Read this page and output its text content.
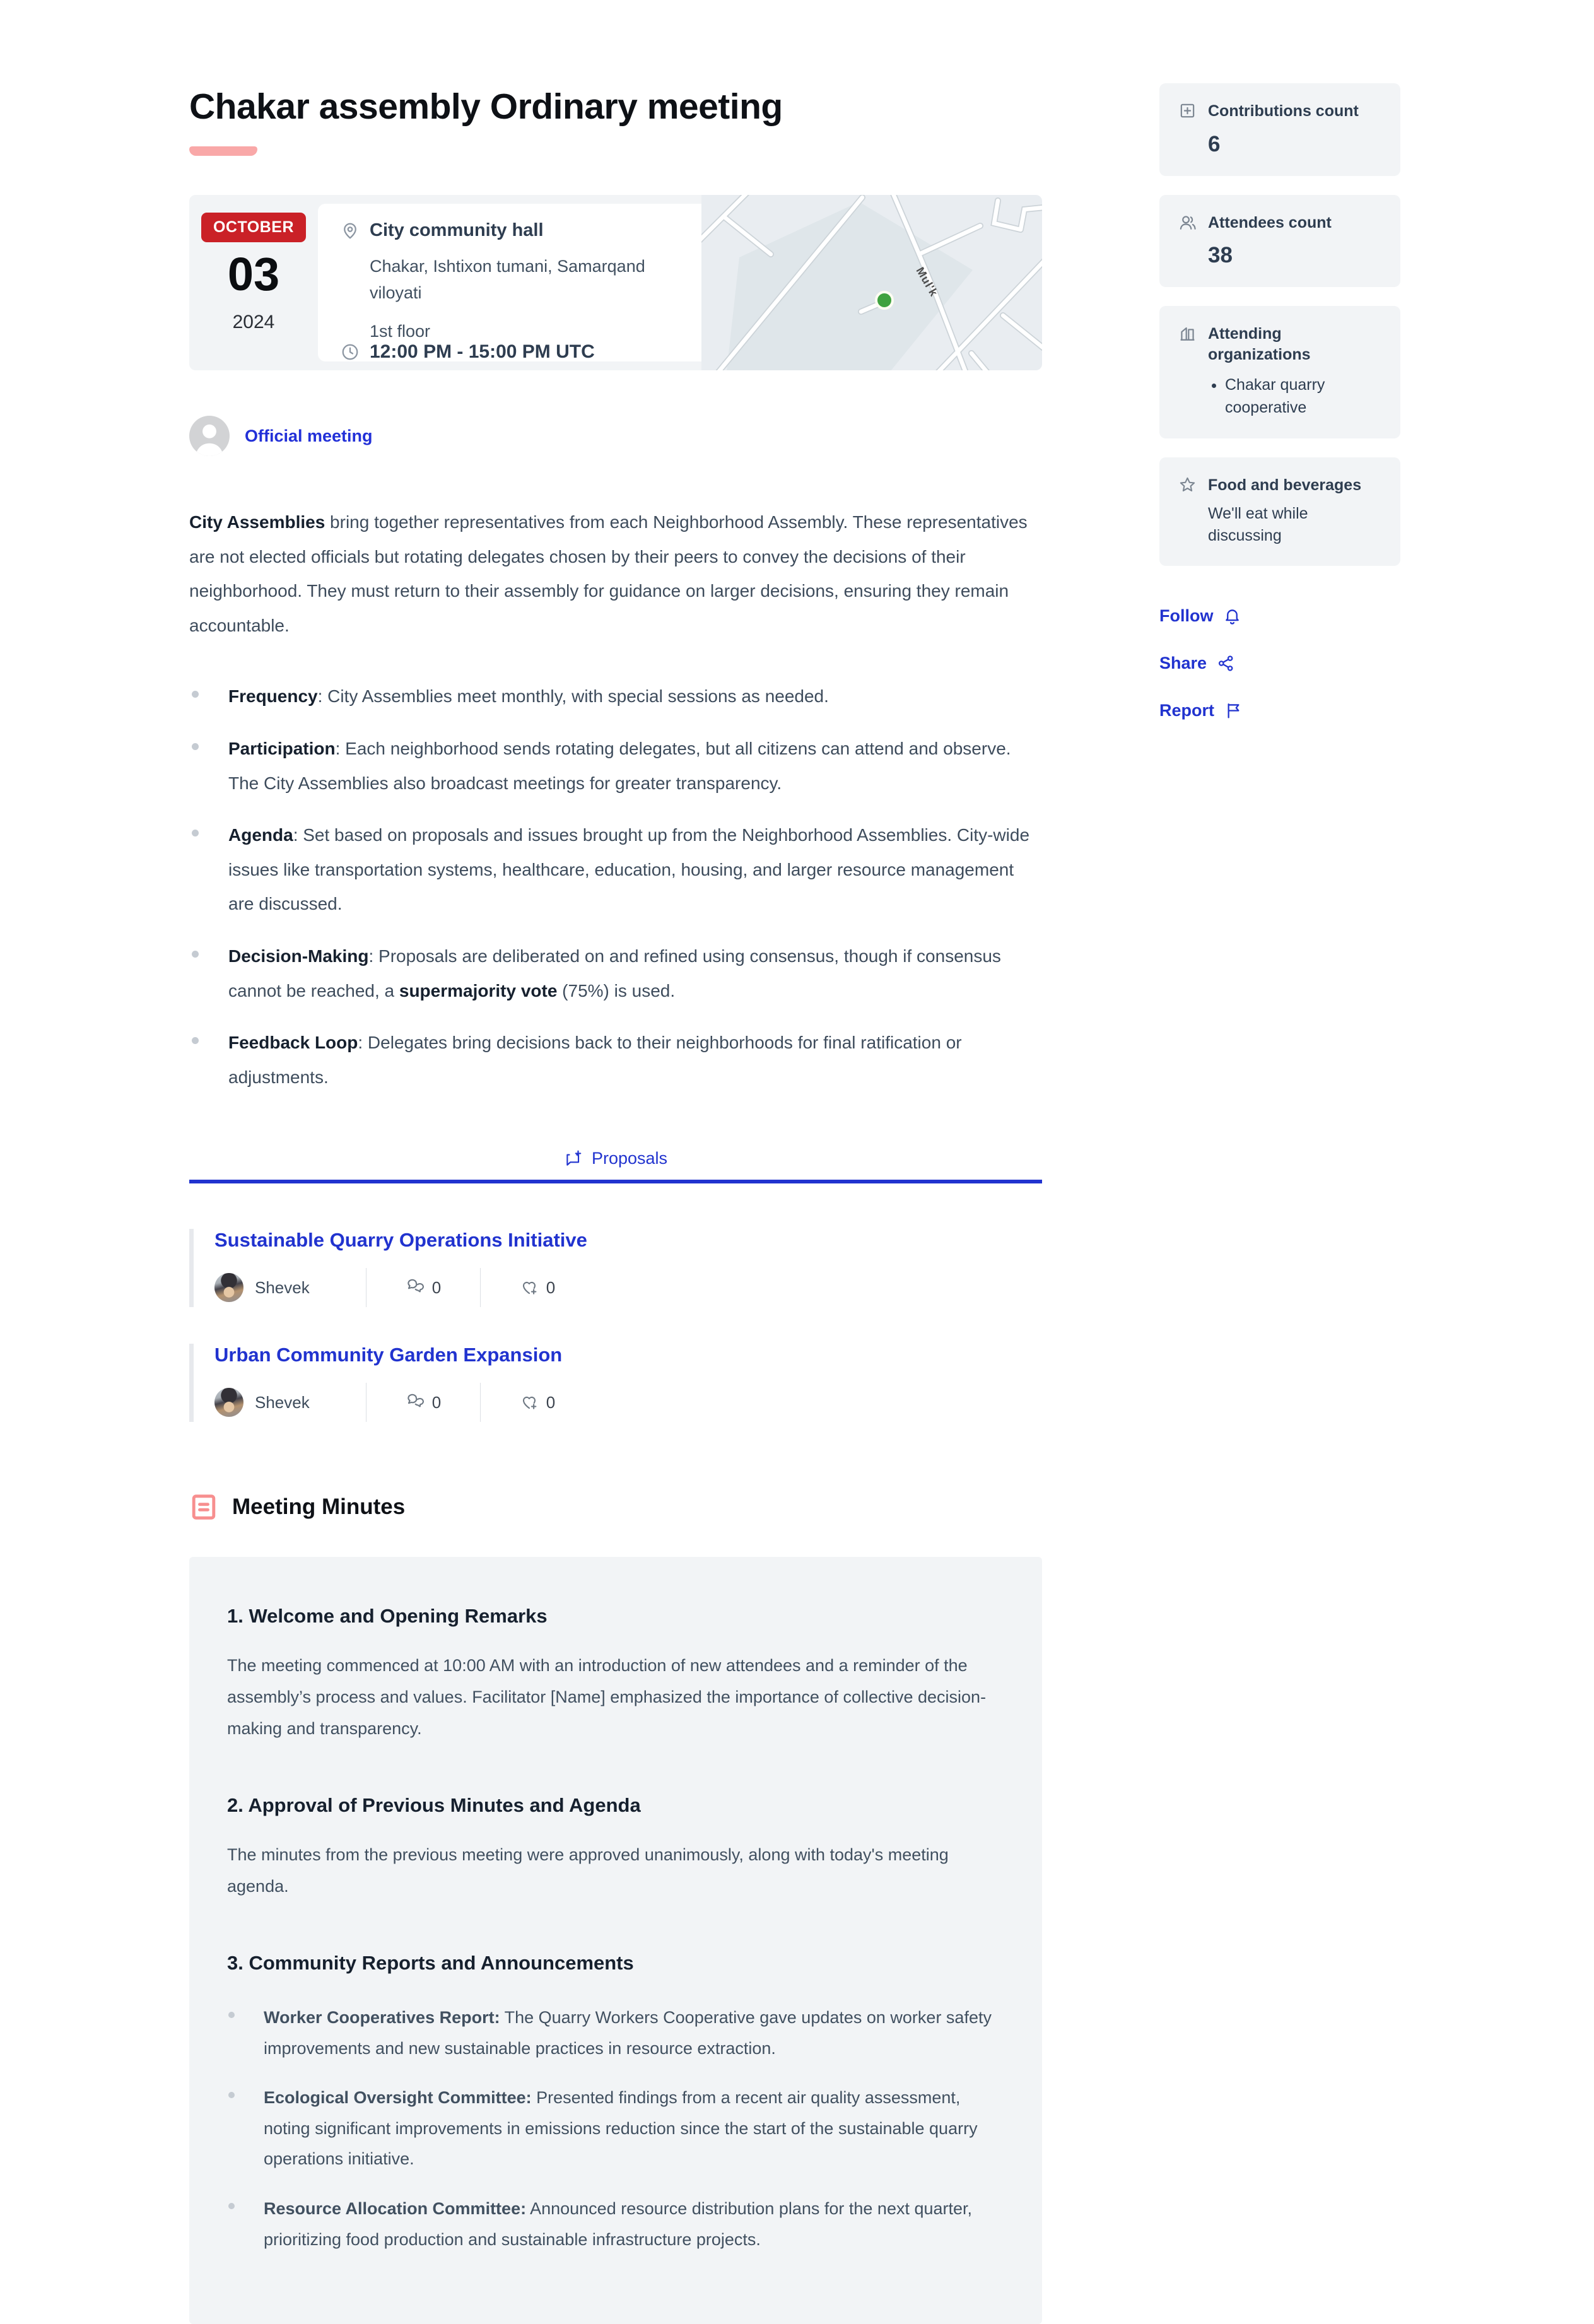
Chakar assembly Ordinary meeting
OCTOBER
03
2024
City community hall
Chakar, Ishtixon tumani, Samarqand viloyati
1st floor
12:00 PM - 15:00 PM UTC
Mul'k
Official meeting

City Assemblies bring together representatives from each Neighborhood Assembly. These representatives are not elected officials but rotating delegates chosen by their peers to convey the decisions of their neighborhood. They must return to their assembly for guidance on larger decisions, ensuring they remain accountable.

Frequency: City Assemblies meet monthly, with special sessions as needed.
Participation: Each neighborhood sends rotating delegates, but all citizens can attend and observe. The City Assemblies also broadcast meetings for greater transparency.
Agenda: Set based on proposals and issues brought up from the Neighborhood Assemblies. City-wide issues like transportation systems, healthcare, education, housing, and larger resource management are discussed.
Decision-Making: Proposals are deliberated on and refined using consensus, though if consensus cannot be reached, a supermajority vote (75%) is used.
Feedback Loop: Delegates bring decisions back to their neighborhoods for final ratification or adjustments.
Proposals
Sustainable Quarry Operations Initiative
Shevek	0	0
Urban Community Garden Expansion
Shevek	0	0
Meeting Minutes
1. Welcome and Opening Remarks

The meeting commenced at 10:00 AM with an introduction of new attendees and a reminder of the assembly’s process and values. Facilitator [Name] emphasized the importance of collective decision-making and transparency.

2. Approval of Previous Minutes and Agenda

The minutes from the previous meeting were approved unanimously, along with today's meeting agenda.

3. Community Reports and Announcements
Worker Cooperatives Report: The Quarry Workers Cooperative gave updates on worker safety improvements and new sustainable practices in resource extraction.
Ecological Oversight Committee: Presented findings from a recent air quality assessment, noting significant improvements in emissions reduction since the start of the sustainable quarry operations initiative.
Resource Allocation Committee: Announced resource distribution plans for the next quarter, prioritizing food production and sustainable infrastructure projects.
Contributions count
6
Attendees count
38
Attending organizations
• Chakar quarry cooperative
Food and beverages
We'll eat while discussing
Follow
Share
Report
